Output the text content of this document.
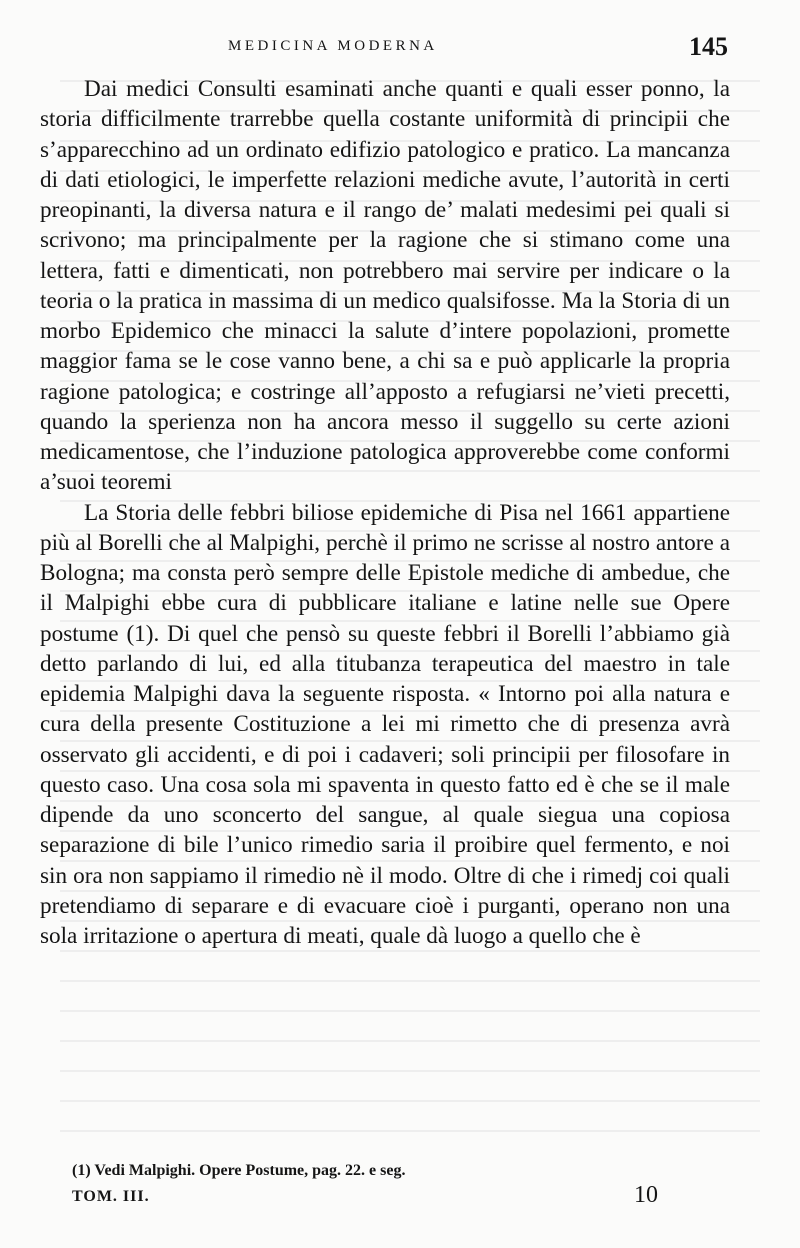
MEDICINA MODERNA	145

Dai medici Consulti esaminati anche quanti e quali esser ponno, la storia difficilmente trarrebbe quella costante uniformità di principii che s’apparecchino ad un ordinato edifizio patologico e pratico. La mancanza di dati etiologici, le imperfette relazioni mediche avute, l’autorità in certi preopinanti, la diversa natura e il rango de’ malati medesimi pei quali si scrivono; ma principalmente per la ragione che si stimano come una lettera, fatti e dimenticati, non potrebbero mai servire per indicare o la teoria o la pratica in massima di un medico qualsifosse. Ma la Storia di un morbo Epidemico che minacci la salute d’intere popolazioni, promette maggior fama se le cose vanno bene, a chi sa e può applicarle la propria ragione patologica; e costringe all’apposto a refugiarsi ne’vieti precetti, quando la sperienza non ha ancora messo il suggello su certe azioni medicamentose, che l’induzione patologica approverebbe come conformi a’suoi teoremi

La Storia delle febbri biliose epidemiche di Pisa nel 1661 appartiene più al Borelli che al Malpighi, perchè il primo ne scrisse al nostro antore a Bologna; ma consta però sempre delle Epistole mediche di ambedue, che il Malpighi ebbe cura di pubblicare italiane e latine nelle sue Opere postume (1). Di quel che pensò su queste febbri il Borelli l’abbiamo già detto parlando di lui, ed alla titubanza terapeutica del maestro in tale epidemia Malpighi dava la seguente risposta. « Intorno poi alla natura e cura della presente Costituzione a lei mi rimetto che di presenza avrà osservato gli accidenti, e di poi i cadaveri; soli principii per filosofare in questo caso. Una cosa sola mi spaventa in questo fatto ed è che se il male dipende da uno sconcerto del sangue, al quale siegua una copiosa separazione di bile l’unico rimedio saria il proibire quel fermento, e noi sin ora non sappiamo il rimedio nè il modo. Oltre di che i rimedj coi quali pretendiamo di separare e di evacuare cioè i purganti, operano non una sola irritazione o apertura di meati, quale dà luogo a quello che è

(1) Vedi Malpighi. Opere Postume, pag. 22. e seg.
TOM. III.	10
